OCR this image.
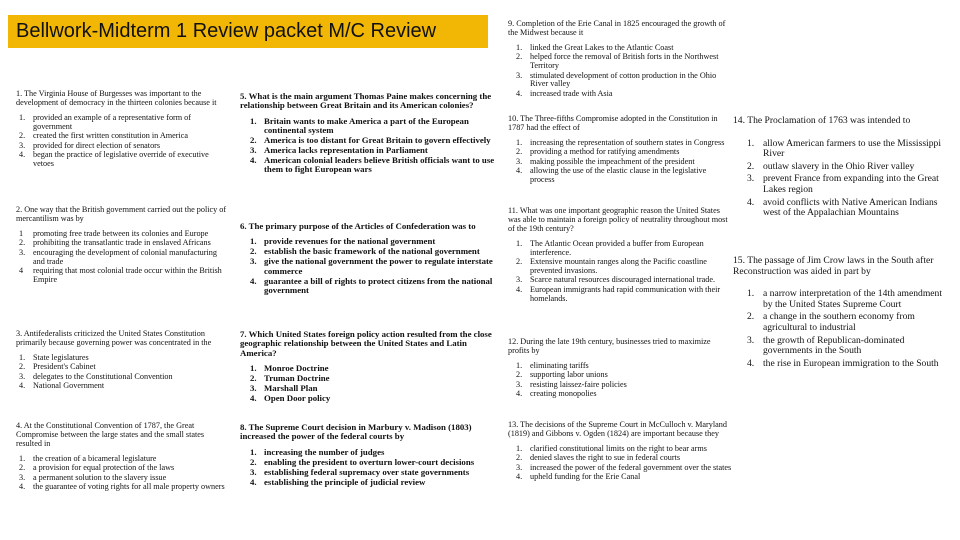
Bellwork-Midterm 1 Review packet M/C Review
1. The Virginia House of Burgesses was important to the development of democracy in the thirteen colonies because it
1. provided an example of a representative form of government
2. created the first written constitution in America
3. provided for direct election of senators
4. began the practice of legislative override of executive vetoes
2. One way that the British government carried out the policy of mercantilism was by
1	promoting free trade between its colonies and Europe
2. prohibiting the transatlantic trade in enslaved Africans
3. encouraging the development of colonial manufacturing and trade
4	requiring that most colonial trade occur within the British Empire
3. Antifederalists criticized the United States Constitution primarily because governing power was concentrated in the
1. State legislatures
2. President's Cabinet
3. delegates to the Constitutional Convention
4. National Government
4. At the Constitutional Convention of 1787, the Great Compromise between the large states and the small states resulted in
1. the creation of a bicameral legislature
2. a provision for equal protection of the laws
3. a permanent solution to the slavery issue
4. the guarantee of voting rights for all male property owners
5. What is the main argument Thomas Paine makes concerning the relationship between Great Britain and its American colonies?
1. Britain wants to make America a part of the European continental system
2. America is too distant for Great Britain to govern effectively
3. America lacks representation in Parliament
4. American colonial leaders believe British officials want to use them to fight European wars
6. The primary purpose of the Articles of Confederation was to
1. provide revenues for the national government
2. establish the basic framework of the national government
3. give the national government the power to regulate interstate commerce
4. guarantee a bill of rights to protect citizens from the national government
7. Which United States foreign policy action resulted from the close geographic relationship between the United States and Latin America?
1. Monroe Doctrine
2. Truman Doctrine
3. Marshall Plan
4. Open Door policy
8. The Supreme Court decision in Marbury v. Madison (1803) increased the power of the federal courts by
1. increasing the number of judges
2. enabling the president to overturn lower-court decisions
3. establishing federal supremacy over state governments
4. establishing the principle of judicial review
9. Completion of the Erie Canal in 1825 encouraged the growth of the Midwest because it
1. linked the Great Lakes to the Atlantic Coast
2. helped force the removal of British forts in the Northwest Territory
3. stimulated development of cotton production in the Ohio River valley
4. increased trade with Asia
10. The Three-fifths Compromise adopted in the Constitution in 1787 had the effect of
1. increasing the representation of southern states in Congress
2. providing a method for ratifying amendments
3. making possible the impeachment of the president
4. allowing the use of the elastic clause in the legislative process
11. What was one important geographic reason the United States was able to maintain a foreign policy of neutrality throughout most of the 19th century?
1. The Atlantic Ocean provided a buffer from European interference.
2. Extensive mountain ranges along the Pacific coastline prevented invasions.
3. Scarce natural resources discouraged international trade.
4. European immigrants had rapid communication with their homelands.
12. During the late 19th century, businesses tried to maximize profits by
1. eliminating tariffs
2. supporting labor unions
3. resisting laissez-faire policies
4. creating monopolies
13. The decisions of the Supreme Court in McCulloch v. Maryland (1819) and Gibbons v. Ogden (1824) are important because they
1. clarified constitutional limits on the right to bear arms
2. denied slaves the right to sue in federal courts
3. increased the power of the federal government over the states
4. upheld funding for the Erie Canal
14. The Proclamation of 1763 was intended to
1. allow American farmers to use the Mississippi River
2. outlaw slavery in the Ohio River valley
3. prevent France from expanding into the Great Lakes region
4. avoid conflicts with Native American Indians west of the Appalachian Mountains
15. The passage of Jim Crow laws in the South after Reconstruction was aided in part by
1. a narrow interpretation of the 14th amendment by the United States Supreme Court
2. a change in the southern economy from agricultural to industrial
3. the growth of Republican-dominated governments in the South
4. the rise in European immigration to the South
